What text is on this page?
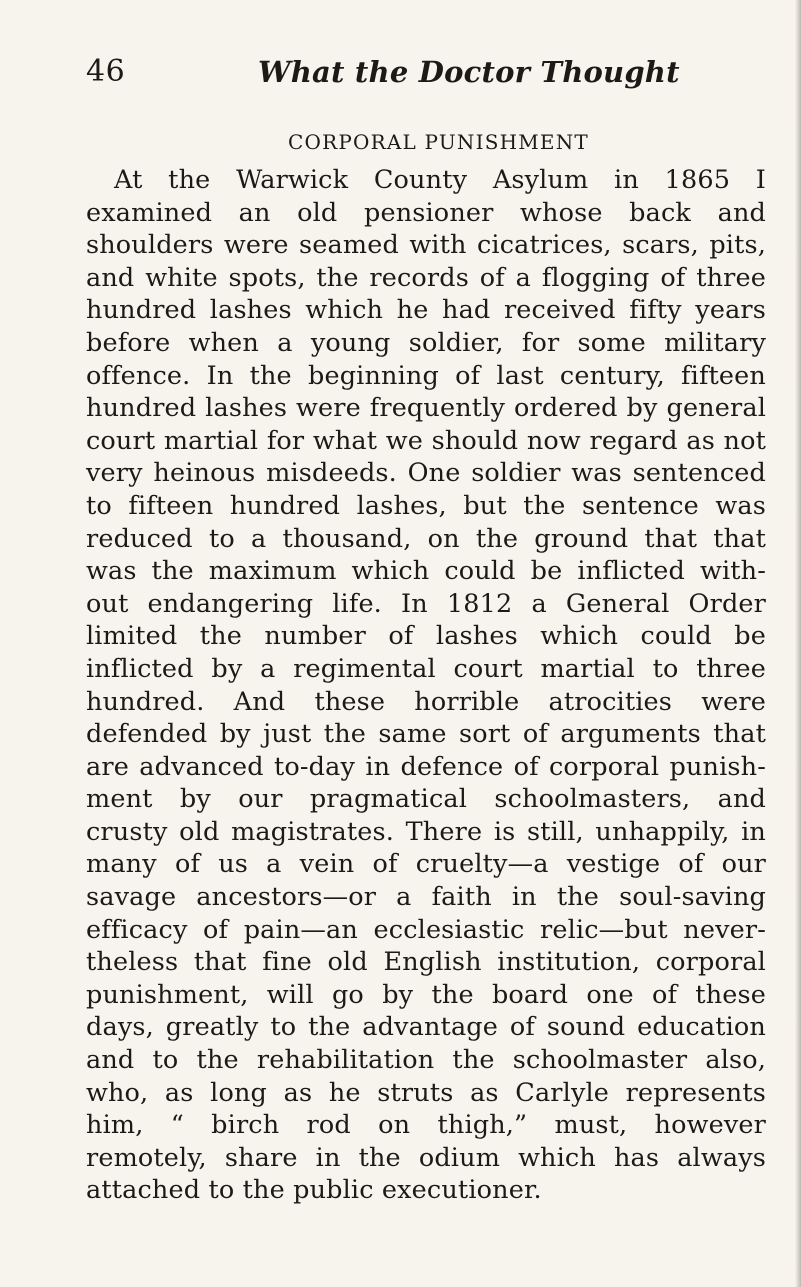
46	What the Doctor Thought
CORPORAL PUNISHMENT
At the Warwick County Asylum in 1865 I
examined an old pensioner whose back and
shoulders were seamed with cicatrices, scars, pits,
and white spots, the records of a flogging of three
hundred lashes which he had received fifty years
before when a young soldier, for some military
offence. In the beginning of last century, fifteen
hundred lashes were frequently ordered by general
court martial for what we should now regard as not
very heinous misdeeds. One soldier was sentenced
to fifteen hundred lashes, but the sentence was
reduced to a thousand, on the ground that that
was the maximum which could be inflicted with-
out endangering life. In 1812 a General Order
limited the number of lashes which could be
inflicted by a regimental court martial to three
hundred. And these horrible atrocities were
defended by just the same sort of arguments that
are advanced to-day in defence of corporal punish-
ment by our pragmatical schoolmasters, and
crusty old magistrates. There is still, unhappily, in
many of us a vein of cruelty—a vestige of our
savage ancestors—or a faith in the soul-saving
efficacy of pain—an ecclesiastic relic—but never-
theless that fine old English institution, corporal
punishment, will go by the board one of these
days, greatly to the advantage of sound education
and to the rehabilitation the schoolmaster also,
who, as long as he struts as Carlyle represents
him, “ birch rod on thigh,” must, however
remotely, share in the odium which has always
attached to the public executioner.
